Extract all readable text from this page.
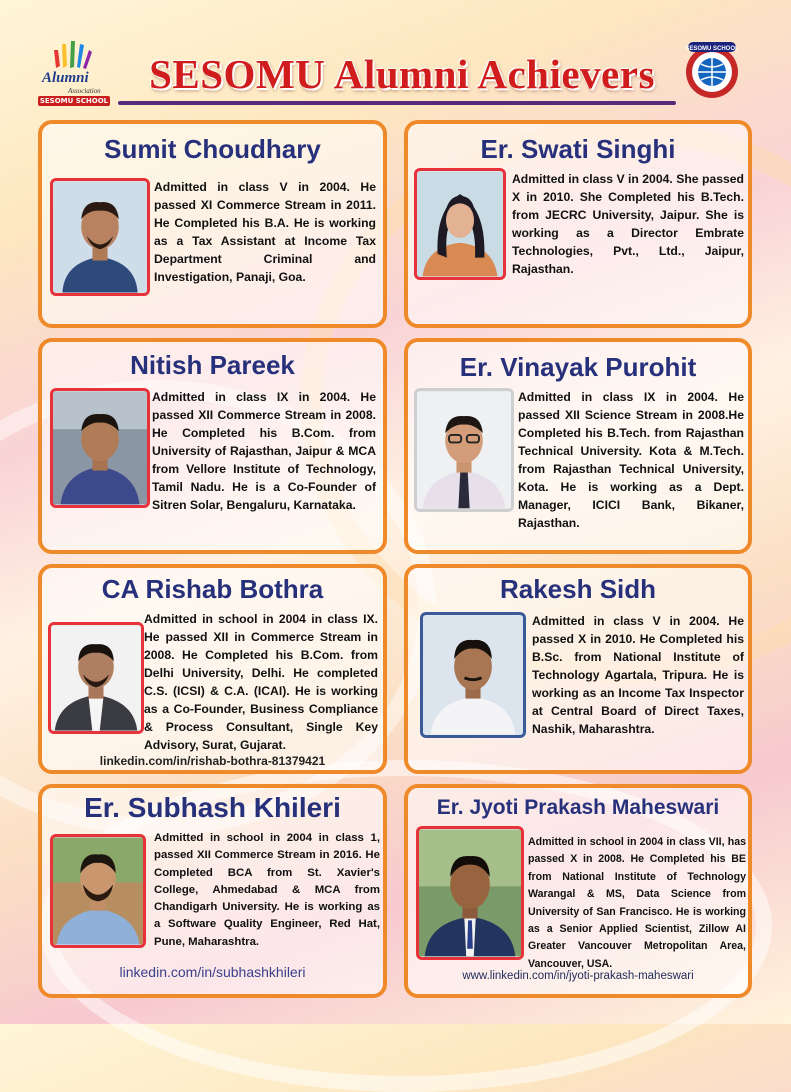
Alumni
Association
SESOMU SCHOOL
SESOMU Alumni Achievers
SESOMU SCHOOL
Sumit Choudhary
Admitted in class V in 2004. He passed XI Commerce Stream in 2011. He Completed his B.A. He is working as a Tax Assistant at Income Tax Department Criminal and Investigation, Panaji, Goa.
Er. Swati Singhi
Admitted in class V in 2004. She passed X in 2010. She Completed his B.Tech. from JECRC University, Jaipur. She is working as a Director Embrate Technologies, Pvt., Ltd., Jaipur, Rajasthan.
Nitish Pareek
Admitted in class IX in 2004. He passed XII Commerce Stream in 2008. He Completed his B.Com. from University of Rajasthan, Jaipur & MCA from Vellore Institute of Technology, Tamil Nadu. He is a Co-Founder of Sitren Solar, Bengaluru, Karnataka.
Er. Vinayak Purohit
Admitted in class IX in 2004. He passed XII Science Stream in 2008.He Completed his B.Tech. from Rajasthan Technical University. Kota & M.Tech. from Rajasthan Technical University, Kota. He is working as a Dept. Manager, ICICI Bank, Bikaner, Rajasthan.
CA Rishab Bothra
Admitted in school in 2004 in class IX. He passed XII in Commerce Stream in 2008. He Completed his B.Com. from Delhi University, Delhi. He completed C.S. (ICSI) & C.A. (ICAI). He is working as a Co-Founder, Business Compliance & Process Consultant, Single Key Advisory, Surat, Gujarat.
linkedin.com/in/rishab-bothra-81379421
Rakesh Sidh
Admitted in class V in 2004. He passed X in 2010. He Completed his B.Sc. from National Institute of Technology Agartala, Tripura. He is working as an Income Tax Inspector at Central Board of Direct Taxes, Nashik, Maharashtra.
Er. Subhash Khileri
Admitted in school in 2004 in class 1, passed XII Commerce Stream in 2016. He Completed BCA from St. Xavier's College, Ahmedabad & MCA from Chandigarh University. He is working as a Software Quality Engineer, Red Hat, Pune, Maharashtra.
linkedin.com/in/subhashkhileri
Er. Jyoti Prakash Maheswari
Admitted in school in 2004 in class VII, has passed X in 2008. He Completed his BE from National Institute of Technology Warangal & MS, Data Science from University of San Francisco. He is working as a Senior Applied Scientist, Zillow AI Greater Vancouver Metropolitan Area, Vancouver, USA.
www.linkedin.com/in/jyoti-prakash-maheswari
